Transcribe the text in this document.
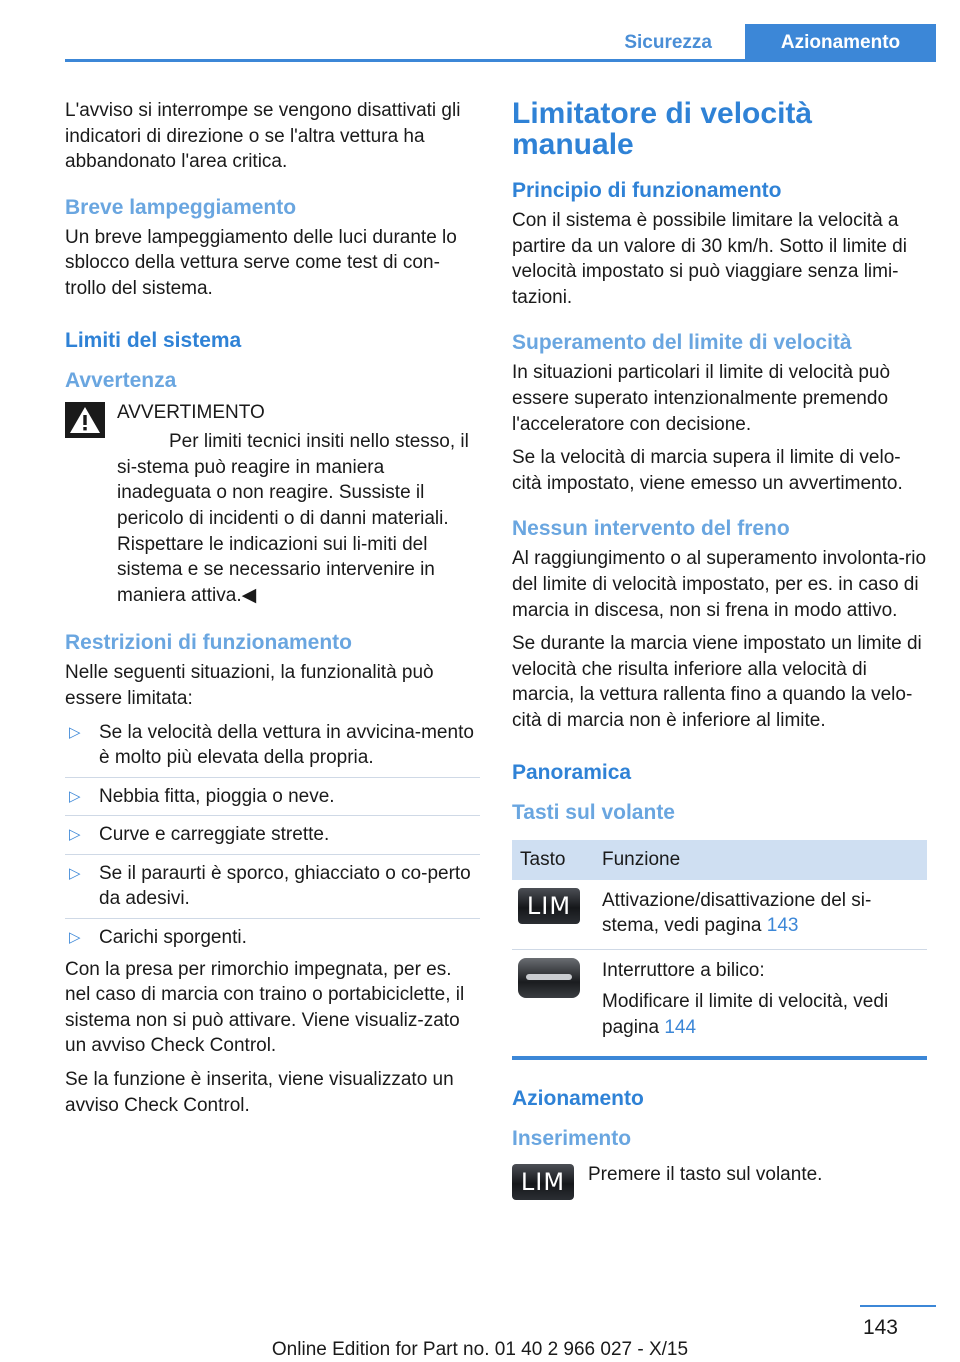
Sicurezza	Azionamento

L'avviso si interrompe se vengono disattivati gli indicatori di direzione o se l'altra vettura ha abbandonato l'area critica.

Breve lampeggiamento

Un breve lampeggiamento delle luci durante lo sblocco della vettura serve come test di con-trollo del sistema.

Limiti del sistema
Avvertenza

AVVERTIMENTO

Per limiti tecnici insiti nello stesso, il si-stema può reagire in maniera inadeguata o non reagire. Sussiste il pericolo di incidenti o di danni materiali. Rispettare le indicazioni sui li-miti del sistema e se necessario intervenire in maniera attiva.◀

Restrizioni di funzionamento

Nelle seguenti situazioni, la funzionalità può essere limitata:

▷ Se la velocità della vettura in avvicina-mento è molto più elevata della propria.
▷ Nebbia fitta, pioggia o neve.
▷ Curve e carreggiate strette.
▷ Se il paraurti è sporco, ghiacciato o co-perto da adesivi.
▷ Carichi sporgenti.

Con la presa per rimorchio impegnata, per es. nel caso di marcia con traino o portabiciclette, il sistema non si può attivare. Viene visualiz-zato un avviso Check Control.

Se la funzione è inserita, viene visualizzato un avviso Check Control.

Limitatore di velocità manuale
Principio di funzionamento

Con il sistema è possibile limitare la velocità a partire da un valore di 30 km/h. Sotto il limite di velocità impostato si può viaggiare senza limi-tazioni.

Superamento del limite di velocità

In situazioni particolari il limite di velocità può essere superato intenzionalmente premendo l'acceleratore con decisione.

Se la velocità di marcia supera il limite di velo-cità impostato, viene emesso un avvertimento.

Nessun intervento del freno

Al raggiungimento o al superamento involonta-rio del limite di velocità impostato, per es. in caso di marcia in discesa, non si frena in modo attivo.

Se durante la marcia viene impostato un limite di velocità che risulta inferiore alla velocità di marcia, la vettura rallenta fino a quando la velo-cità di marcia non è inferiore al limite.

Panoramica
Tasti sul volante
Tasto	Funzione

LIM	Attivazione/disattivazione del si-stema, vedi pagina 143

	Interruttore a bilico:

Modificare il limite di velocità, vedi pagina 144
Azionamento
Inserimento
LIM	Premere il tasto sul volante.

143
Online Edition for Part no. 01 40 2 966 027 - X/15
